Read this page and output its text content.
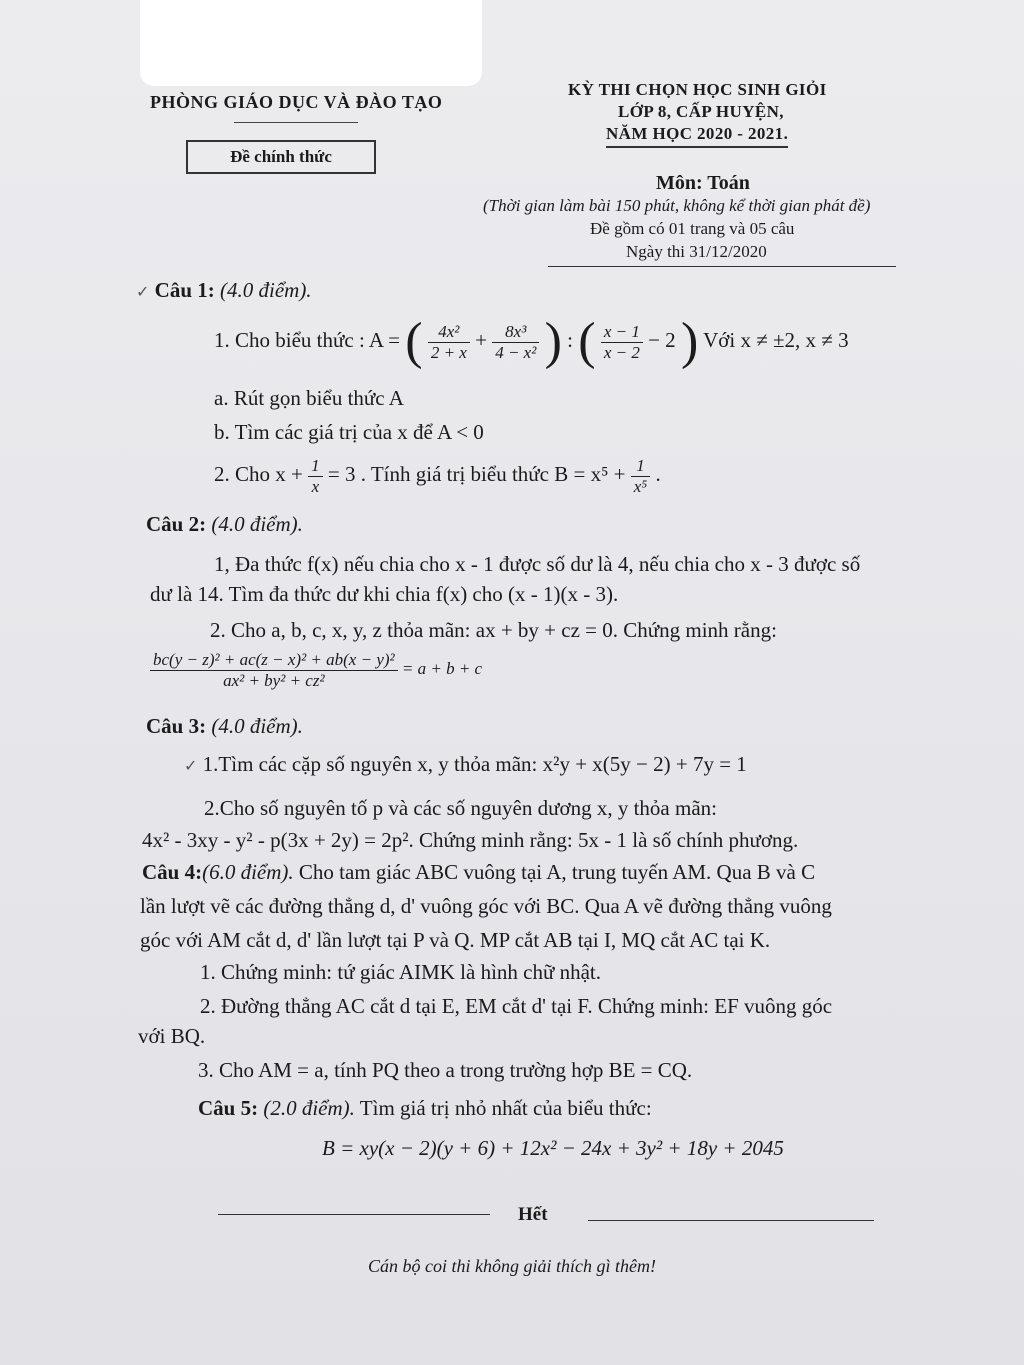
PHÒNG GIÁO DỤC VÀ ĐÀO TẠO
Đề chính thức
KỲ THI CHỌN HỌC SINH GIỎI
LỚP 8, CẤP HUYỆN,
NĂM HỌC 2020 - 2021.
Môn: Toán
(Thời gian làm bài 150 phút, không kể thời gian phát đề)
Đề gồm có 01 trang và 05 câu
Ngày thi 31/12/2020
✓ Câu 1: (4.0 điểm).
1. Cho biểu thức : A = ( $\frac{\text{4x²}}{2 + x} + \frac{\text{8x³}}{\text{4 − x²}}$ ) : ( $\frac{x - 1}{x - 2} - 2$ ) Với x ≠ ±2, x ≠ 3
a. Rút gọn biểu thức A
b. Tìm các giá trị của x để A < 0
2. Cho $x + \frac{1}{x} = 3$ . Tính giá trị biểu thức $B = x^5 + \frac{1}{\text{x⁵}}$ .
Câu 2: (4.0 điểm).
1, Đa thức f(x) nếu chia cho x - 1 được số dư là 4, nếu chia cho x - 3 được số
dư là 14. Tìm đa thức dư khi chia f(x) cho (x - 1)(x - 3).
2. Cho a, b, c, x, y, z thỏa mãn: ax + by + cz = 0. Chứng minh rằng:
$\frac{\text{bc(y − z)² + ac(z − x)² + ab(x − y)²}}{\text{ax² + by² + cz²}} = a + b + c$
Câu 3: (4.0 điểm).
✓ 1.Tìm các cặp số nguyên x, y thỏa mãn: x²y + x(5y − 2) + 7y = 1
2.Cho số nguyên tố p và các số nguyên dương x, y thỏa mãn:
4x² - 3xy - y² - p(3x + 2y) = 2p². Chứng minh rằng: 5x - 1 là số chính phương.
Câu 4:(6.0 điểm). Cho tam giác ABC vuông tại A, trung tuyến AM. Qua B và C
lần lượt vẽ các đường thẳng d, d' vuông góc với BC. Qua A vẽ đường thẳng vuông
góc với AM cắt d, d' lần lượt tại P và Q. MP cắt AB tại I, MQ cắt AC tại K.
1. Chứng minh: tứ giác AIMK là hình chữ nhật.
2. Đường thẳng AC cắt d tại E, EM cắt d' tại F. Chứng minh: EF vuông góc
với BQ.
3. Cho AM = a, tính PQ theo a trong trường hợp BE = CQ.
Câu 5: (2.0 điểm). Tìm giá trị nhỏ nhất của biểu thức:
B = xy(x − 2)(y + 6) + 12x² − 24x + 3y² + 18y + 2045
Hết
Cán bộ coi thi không giải thích gì thêm!
